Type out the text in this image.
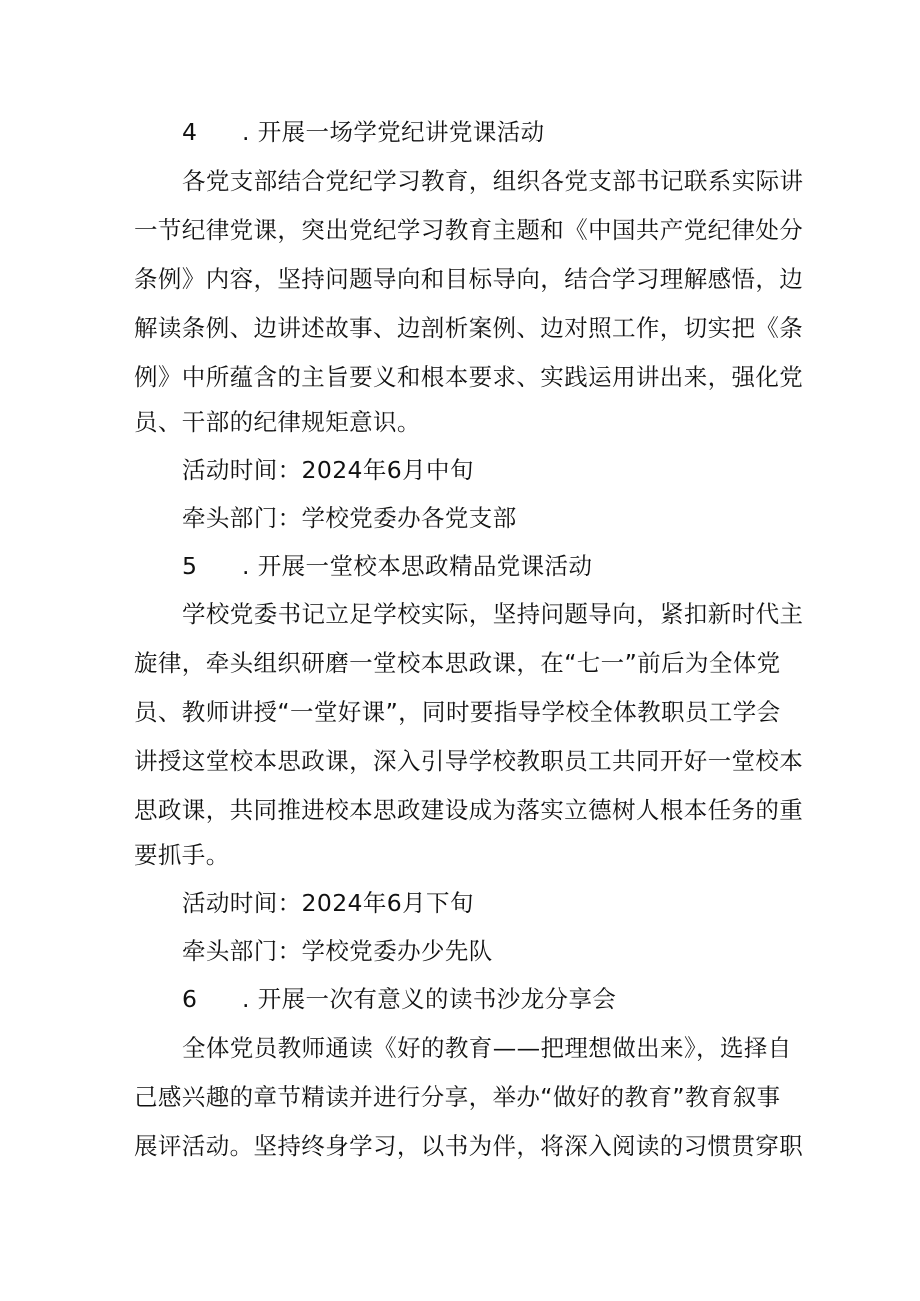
4 . 开展一场学党纪讲党课活动
各党支部结合党纪学习教育，组织各党支部书记联系实际讲
一节纪律党课，突出党纪学习教育主题和《中国共产党纪律处分
条例》内容，坚持问题导向和目标导向，结合学习理解感悟，边
解读条例、边讲述故事、边剖析案例、边对照工作，切实把《条
例》中所蕴含的主旨要义和根本要求、实践运用讲出来，强化党
员、干部的纪律规矩意识。
活动时间：2024年6月中旬
牵头部门：学校党委办各党支部
5 . 开展一堂校本思政精品党课活动
学校党委书记立足学校实际，坚持问题导向，紧扣新时代主
旋律，牵头组织研磨一堂校本思政课，在“七一”前后为全体党
员、教师讲授“一堂好课”，同时要指导学校全体教职员工学会
讲授这堂校本思政课，深入引导学校教职员工共同开好一堂校本
思政课，共同推进校本思政建设成为落实立德树人根本任务的重
要抓手。
活动时间：2024年6月下旬
牵头部门：学校党委办少先队
6 . 开展一次有意义的读书沙龙分享会
全体党员教师通读《好的教育——把理想做出来》，选择自
己感兴趣的章节精读并进行分享，举办“做好的教育”教育叙事
展评活动。坚持终身学习，以书为伴，将深入阅读的习惯贯穿职
